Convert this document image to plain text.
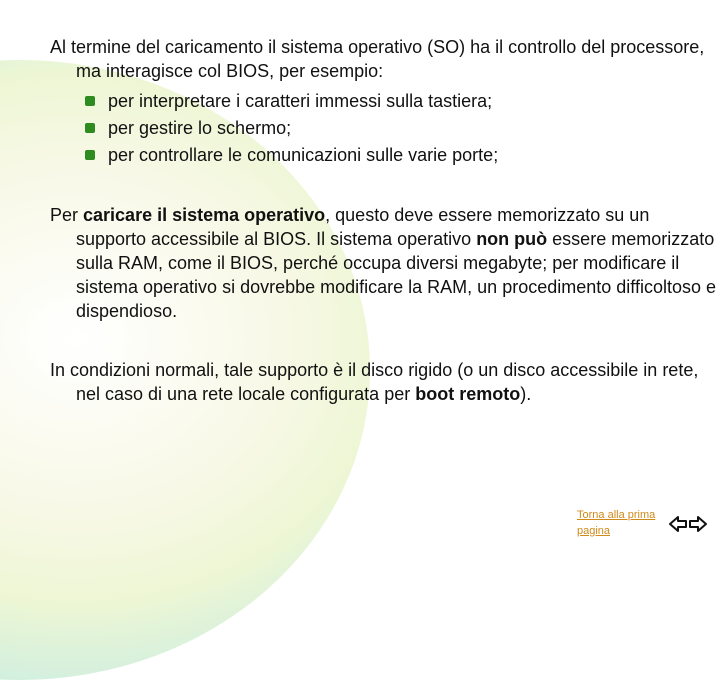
Al termine del caricamento il sistema operativo (SO) ha il controllo del processore, ma interagisce col BIOS, per esempio:
per interpretare i caratteri immessi sulla tastiera;
per gestire lo schermo;
per controllare le comunicazioni sulle varie porte;
Per caricare il sistema operativo, questo deve essere memorizzato su un supporto accessibile al BIOS. Il sistema operativo non può essere memorizzato sulla RAM, come il BIOS, perché occupa diversi megabyte; per modificare il sistema operativo si dovrebbe modificare la RAM, un procedimento difficoltoso e dispendioso.
In condizioni normali, tale supporto è il disco rigido (o un disco accessibile in rete, nel caso di una rete locale configurata per boot remoto).
Torna alla prima pagina
